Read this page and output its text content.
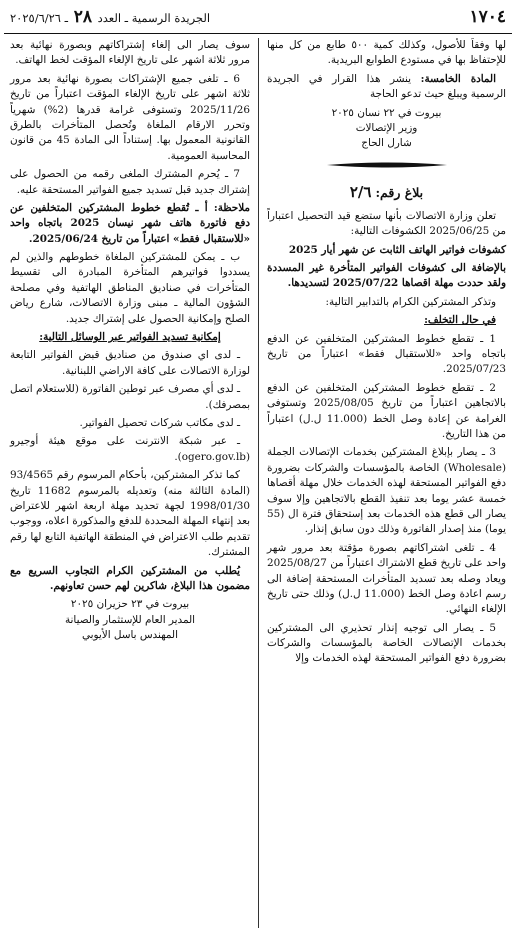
١٧٠٤
الجريدة الرسمية ـ العدد ٢٨ ـ ٢٠٢٥/٦/٢٦

لها وفقاً للأصول، وكذلك كمية ٥٠٠ طابع من كل منها للإحتفاظ بها في مستودع الطوابع البريدية.

المادة الخامسة: ينشر هذا القرار في الجريدة الرسمية ويبلغ حيث تدعو الحاجة

بيروت في ٢٢ نسان ٢٠٢٥

وزير الإتصالات

شارل الحاج

بلاغ رقم:٢/٦

تعلن وزارة الاتصالات بأنها ستضع قيد التحصيل اعتباراً من 2025/06/25 الكشوفات التالية:

كشوفات فواتير الهاتف الثابت عن شهر أيار 2025

بالإضافة الى كشوفات الفواتير المتأخرة غير المسددة ولقد حددت مهلة اقصاها 2025/07/22 لتسديدها.

وتذكر المشتركين الكرام بالتدابير التالية:

في حال التخلف:

1 ـ تقطع خطوط المشتركين المتخلفين عن الدفع باتجاه واحد «للاستقبال فقط» اعتباراً من تاريخ 2025/07/23.

2 ـ تقطع خطوط المشتركين المتخلفين عن الدفع بالاتجاهين اعتباراً من تاريخ 2025/08/05 وتستوفى الغرامة عن إعادة وصل الخط (11.000 ل.ل) اعتباراً من هذا التاريخ.

3 ـ يصار بإبلاغ المشتركين بخدمات الإتصالات الجملة (Wholesale) الخاصة بالمؤسسات والشركات بضرورة دفع الفواتير المستحقة لهذه الخدمات خلال مهلة أقصاها خمسة عشر يوما بعد تنفيذ القطع بالاتجاهين وإلا سوف يصار الى قطع هذه الخدمات بعد إستحقاق فترة ال (55 يوما) منذ إصدار الفاتورة وذلك دون سابق إنذار.

4 ـ تلغى اشتراكاتهم بصورة مؤقتة بعد مرور شهر واحد على تاريخ قطع الاشتراك اعتباراً من 2025/08/27 ويعاد وصله بعد تسديد المتأخرات المستحقة إضافة الى رسم اعادة وصل الخط (11.000 ل.ل) وذلك حتى تاريخ الإلغاء النهائي.

5 ـ يصار الى توجيه إنذار تحذيري الى المشتركين بخدمات الإتصالات الخاصة بالمؤسسات والشركات بضرورة دفع الفواتير المستحقة لهذه الخدمات وإلا

سوف يصار الى إلغاء إشتراكاتهم وبصورة نهائية بعد مرور ثلاثة اشهر على تاريخ الإلغاء المؤقت لخط الهاتف.

6 ـ تلغى جميع الإشتراكات بصورة نهائية بعد مرور ثلاثة اشهر على تاريخ الإلغاء المؤقت اعتباراً من تاريخ 2025/11/26 وتستوفى غرامة قدرها (2%) شهرياً وتحرر الارقام الملغاة وتُحصل المتأخرات بالطرق القانونية المعمول بها. إستناداً الى المادة 45 من قانون المحاسبة العمومية.

7 ـ يُحرم المشترك الملغى رقمه من الحصول على إشتراك جديد قبل تسديد جميع الفواتير المستحقة عليه.

ملاحظة: أ ـ تُقطع خطوط المشتركين المتخلفين عن دفع فاتورة هاتف شهر نيسان 2025 باتجاه واحد «للاستقبال فقط» اعتباراً من تاريخ 2025/06/24.

ب ـ يمكن للمشتركين الملغاة خطوطهم والذين لم يسددوا فواتيرهم المتأخرة المبادرة الى تقسيط المتأخرات في صناديق المناطق الهاتفية وفي مصلحة الشؤون المالية ـ مبنى وزارة الاتصالات، شارع رياض الصلح وإمكانية الحصول على إشتراك جديد.

إمكانية تسديد الفواتير عبر الوسائل التالية:

ـ لدى اي صندوق من صناديق قبض الفواتير التابعة لوزارة الاتصالات على كافة الاراضي اللبنانية.

ـ لدى أي مصرف عبر توطين الفاتورة (للاستعلام اتصل بمصرفك).

ـ لدى مكاتب شركات تحصيل الفواتير.

ـ عبر شبكة الانترنت على موقع هيئة أوجيرو (ogero.gov.lb).

كما تذكر المشتركين، بأحكام المرسوم رقم 93/4565 (المادة الثالثة منه) وتعديله بالمرسوم 11682 تاريخ 1998/01/30 لجهة تحديد مهلة اربعة اشهر للاعتراض بعد إنتهاء المهلة المحددة للدفع والمذكورة اعلاه، ووجوب تقديم طلب الاعتراض في المنطقة الهاتفية التابع لها رقم المشترك.

يُطلب من المشتركين الكرام التجاوب السريع مع مضمون هذا البلاغ، شاكرين لهم حسن تعاونهم.

بيروت في ٢٣ حزيران ٢٠٢٥

المدير العام للإستثمار والصيانة

المهندس باسل الأيوبي
